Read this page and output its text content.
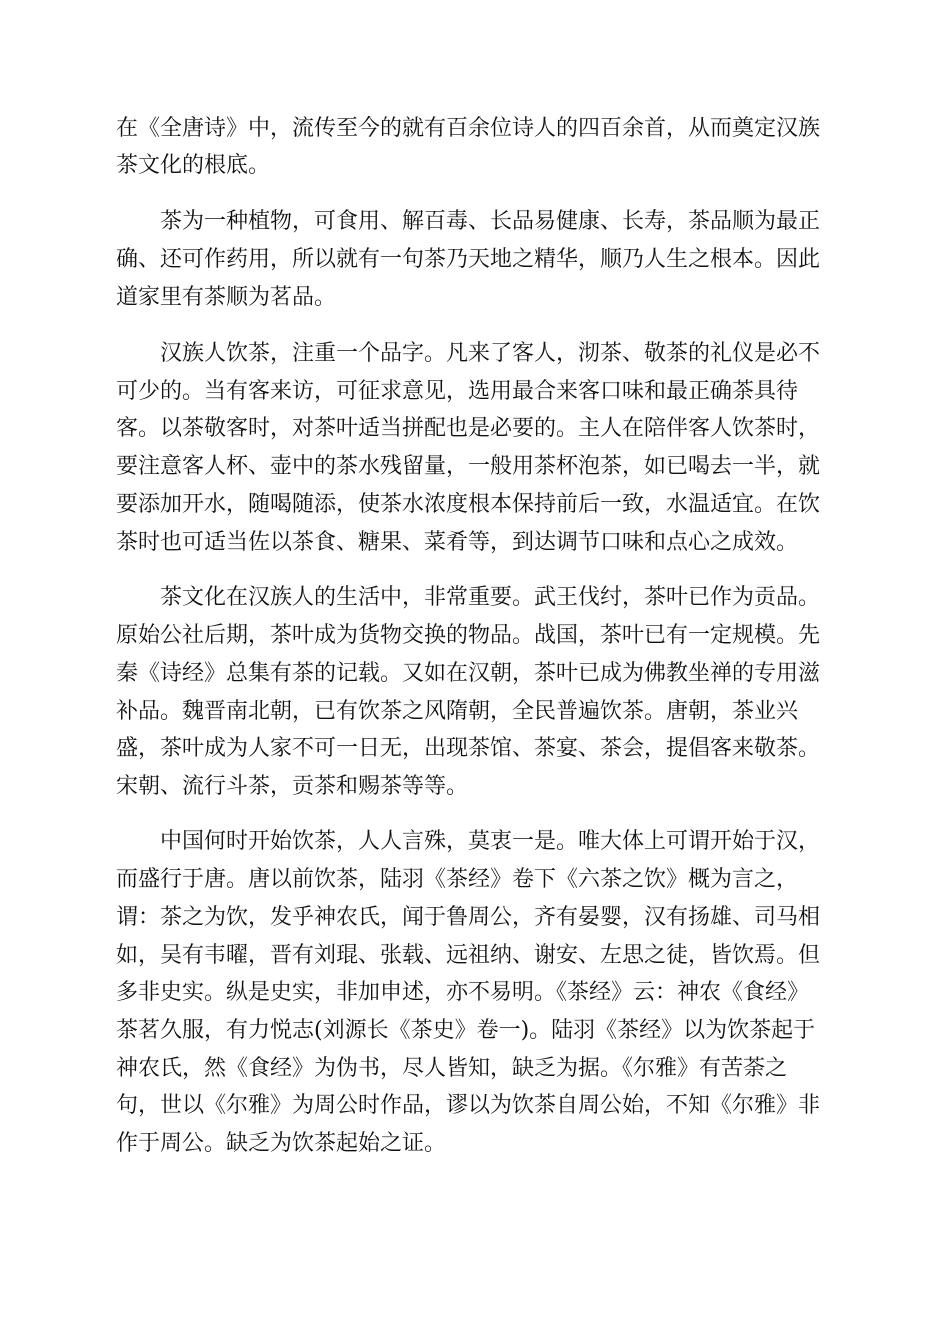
在《全唐诗》中，流传至今的就有百余位诗人的四百余首，从而奠定汉族
茶文化的根底。
茶为一种植物，可食用、解百毒、长品易健康、长寿，茶品顺为最正
确、还可作药用，所以就有一句茶乃天地之精华，顺乃人生之根本。因此
道家里有茶顺为茗品。
汉族人饮茶，注重一个品字。凡来了客人，沏茶、敬茶的礼仪是必不
可少的。当有客来访，可征求意见，选用最合来客口味和最正确茶具待
客。以茶敬客时，对茶叶适当拼配也是必要的。主人在陪伴客人饮茶时，
要注意客人杯、壶中的茶水残留量，一般用茶杯泡茶，如已喝去一半，就
要添加开水，随喝随添，使茶水浓度根本保持前后一致，水温适宜。在饮
茶时也可适当佐以茶食、糖果、菜肴等，到达调节口味和点心之成效。
茶文化在汉族人的生活中，非常重要。武王伐纣，茶叶已作为贡品。
原始公社后期，茶叶成为货物交换的物品。战国，茶叶已有一定规模。先
秦《诗经》总集有茶的记载。又如在汉朝，茶叶已成为佛教坐禅的专用滋
补品。魏晋南北朝，已有饮茶之风隋朝，全民普遍饮茶。唐朝，茶业兴
盛，茶叶成为人家不可一日无，出现茶馆、茶宴、茶会，提倡客来敬茶。
宋朝、流行斗茶，贡茶和赐茶等等。
中国何时开始饮茶，人人言殊，莫衷一是。唯大体上可谓开始于汉，
而盛行于唐。唐以前饮茶，陆羽《茶经》卷下《六茶之饮》概为言之，
谓：茶之为饮，发乎神农氏，闻于鲁周公，齐有晏婴，汉有扬雄、司马相
如，吴有韦曜，晋有刘琨、张载、远祖纳、谢安、左思之徒，皆饮焉。但
多非史实。纵是史实，非加申述，亦不易明。《茶经》云：神农《食经》
茶茗久服，有力悦志(刘源长《茶史》卷一)。陆羽《茶经》以为饮茶起于
神农氏，然《食经》为伪书，尽人皆知，缺乏为据。《尔雅》有苦荼之
句，世以《尔雅》为周公时作品，谬以为饮茶自周公始，不知《尔雅》非
作于周公。缺乏为饮茶起始之证。
